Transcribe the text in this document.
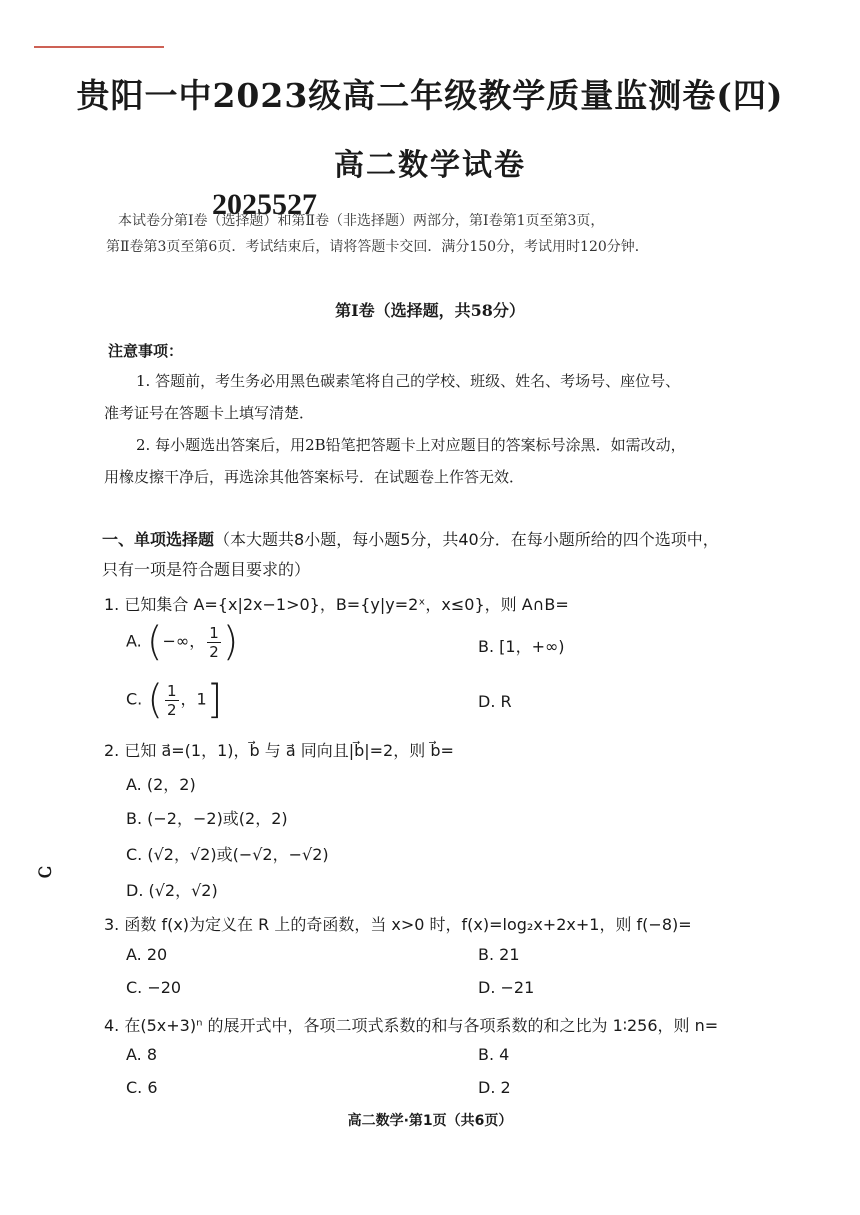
贵阳一中2023级高二年级教学质量监测卷(四)
高二数学试卷
2025527
本试卷分第Ⅰ卷（选择题）和第Ⅱ卷（非选择题）两部分，第Ⅰ卷第1页至第3页，
第Ⅱ卷第3页至第6页．考试结束后，请将答题卡交回．满分150分，考试用时120分钟．
第Ⅰ卷（选择题，共58分）
注意事项：
1. 答题前，考生务必用黑色碳素笔将自己的学校、班级、姓名、考场号、座位号、
准考证号在答题卡上填写清楚．
2. 每小题选出答案后，用2B铅笔把答题卡上对应题目的答案标号涂黑．如需改动，
用橡皮擦干净后，再选涂其他答案标号．在试题卷上作答无效．
一、单项选择题（本大题共8小题，每小题5分，共40分．在每小题所给的四个选项中，
只有一项是符合题目要求的）
1. 已知集合 A={x|2x−1>0}，B={y|y=2ˣ，x≤0}，则 A∩B=
A. (−∞， $\frac{1}{2}$ )	B. [1，+∞)
C. ( $\frac{1}{2}$ ，1]	D. R
2. 已知 a⃗=(1，1)，b⃗ 与 a⃗ 同向且|b⃗|=2，则 b⃗=
A. (2，2)
B. (−2，−2)或(2，2)
C. (√2，√2)或(−√2，−√2)
D. (√2，√2)
ͻ
3. 函数 f(x)为定义在 R 上的奇函数，当 x>0 时，f(x)=log₂x+2x+1，则 f(−8)=
A. 20	B. 21
C. −20	D. −21
4. 在(5x+3)ⁿ 的展开式中，各项二项式系数的和与各项系数的和之比为 1∶256，则 n=
A. 8	B. 4
C. 6	D. 2
高二数学·第1页（共6页）
